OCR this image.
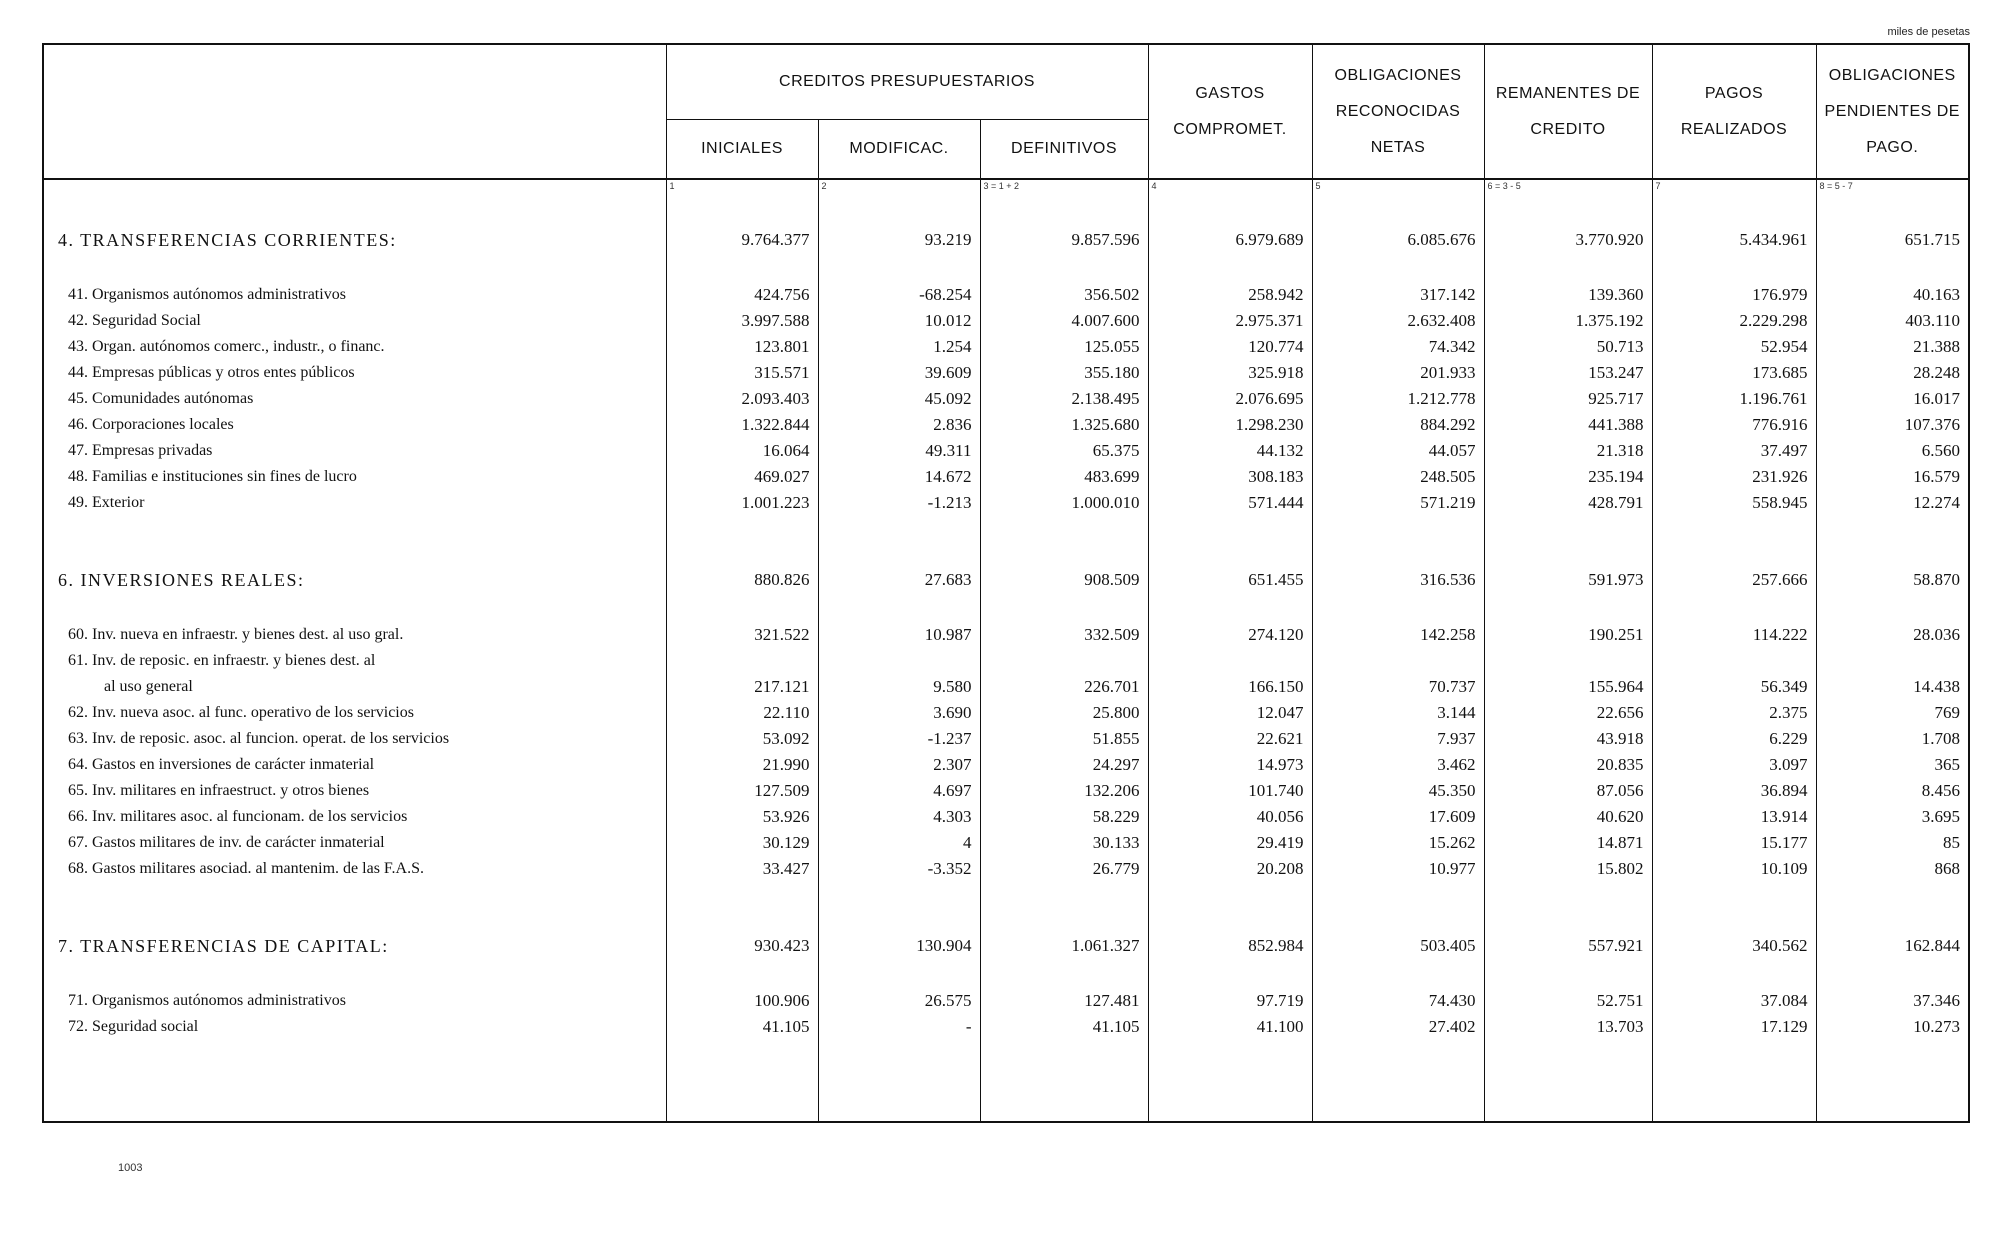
miles de pesetas
	CREDITOS PRESUPUESTARIOS			GASTOS COMPROMET.	OBLIGACIONES RECONOCIDAS NETAS	REMANENTES DE CREDITO	PAGOS REALIZADOS	OBLIGACIONES PENDIENTES DE PAGO.
	INICIALES	MODIFICAC.	DEFINITIVOS					
	1	2	3 = 1 + 2	4	5	6 = 3 - 5	7	8 = 5 - 7

4. TRANSFERENCIAS CORRIENTES:	9.764.377	93.219	9.857.596	6.979.689	6.085.676	3.770.920	5.434.961	651.715

41. Organismos autónomos administrativos	424.756	-68.254	356.502	258.942	317.142	139.360	176.979	40.163
42. Seguridad Social	3.997.588	10.012	4.007.600	2.975.371	2.632.408	1.375.192	2.229.298	403.110
43. Organ. autónomos comerc., industr., o financ.	123.801	1.254	125.055	120.774	74.342	50.713	52.954	21.388
44. Empresas públicas y otros entes públicos	315.571	39.609	355.180	325.918	201.933	153.247	173.685	28.248
45. Comunidades autónomas	2.093.403	45.092	2.138.495	2.076.695	1.212.778	925.717	1.196.761	16.017
46. Corporaciones locales	1.322.844	2.836	1.325.680	1.298.230	884.292	441.388	776.916	107.376
47. Empresas privadas	16.064	49.311	65.375	44.132	44.057	21.318	37.497	6.560
48. Familias e instituciones sin fines de lucro	469.027	14.672	483.699	308.183	248.505	235.194	231.926	16.579
49. Exterior	1.001.223	-1.213	1.000.010	571.444	571.219	428.791	558.945	12.274

6. INVERSIONES REALES:	880.826	27.683	908.509	651.455	316.536	591.973	257.666	58.870

60. Inv. nueva en infraestr. y bienes dest. al uso gral.	321.522	10.987	332.509	274.120	142.258	190.251	114.222	28.036
61. Inv. de reposic. en infraestr. y bienes dest. al								
al uso general	217.121	9.580	226.701	166.150	70.737	155.964	56.349	14.438
62. Inv. nueva asoc. al func. operativo de los servicios	22.110	3.690	25.800	12.047	3.144	22.656	2.375	769
63. Inv. de reposic. asoc. al funcion. operat. de los servicios	53.092	-1.237	51.855	22.621	7.937	43.918	6.229	1.708
64. Gastos en inversiones de carácter inmaterial	21.990	2.307	24.297	14.973	3.462	20.835	3.097	365
65. Inv. militares en infraestruct. y otros bienes	127.509	4.697	132.206	101.740	45.350	87.056	36.894	8.456
66. Inv. militares asoc. al funcionam. de los servicios	53.926	4.303	58.229	40.056	17.609	40.620	13.914	3.695
67. Gastos militares de inv. de carácter inmaterial	30.129	4	30.133	29.419	15.262	14.871	15.177	85
68. Gastos militares asociad. al mantenim. de las F.A.S.	33.427	-3.352	26.779	20.208	10.977	15.802	10.109	868

7. TRANSFERENCIAS DE CAPITAL:	930.423	130.904	1.061.327	852.984	503.405	557.921	340.562	162.844

71. Organismos autónomos administrativos	100.906	26.575	127.481	97.719	74.430	52.751	37.084	37.346
72. Seguridad social	41.105	-	41.105	41.100	27.402	13.703	17.129	10.273

1003
